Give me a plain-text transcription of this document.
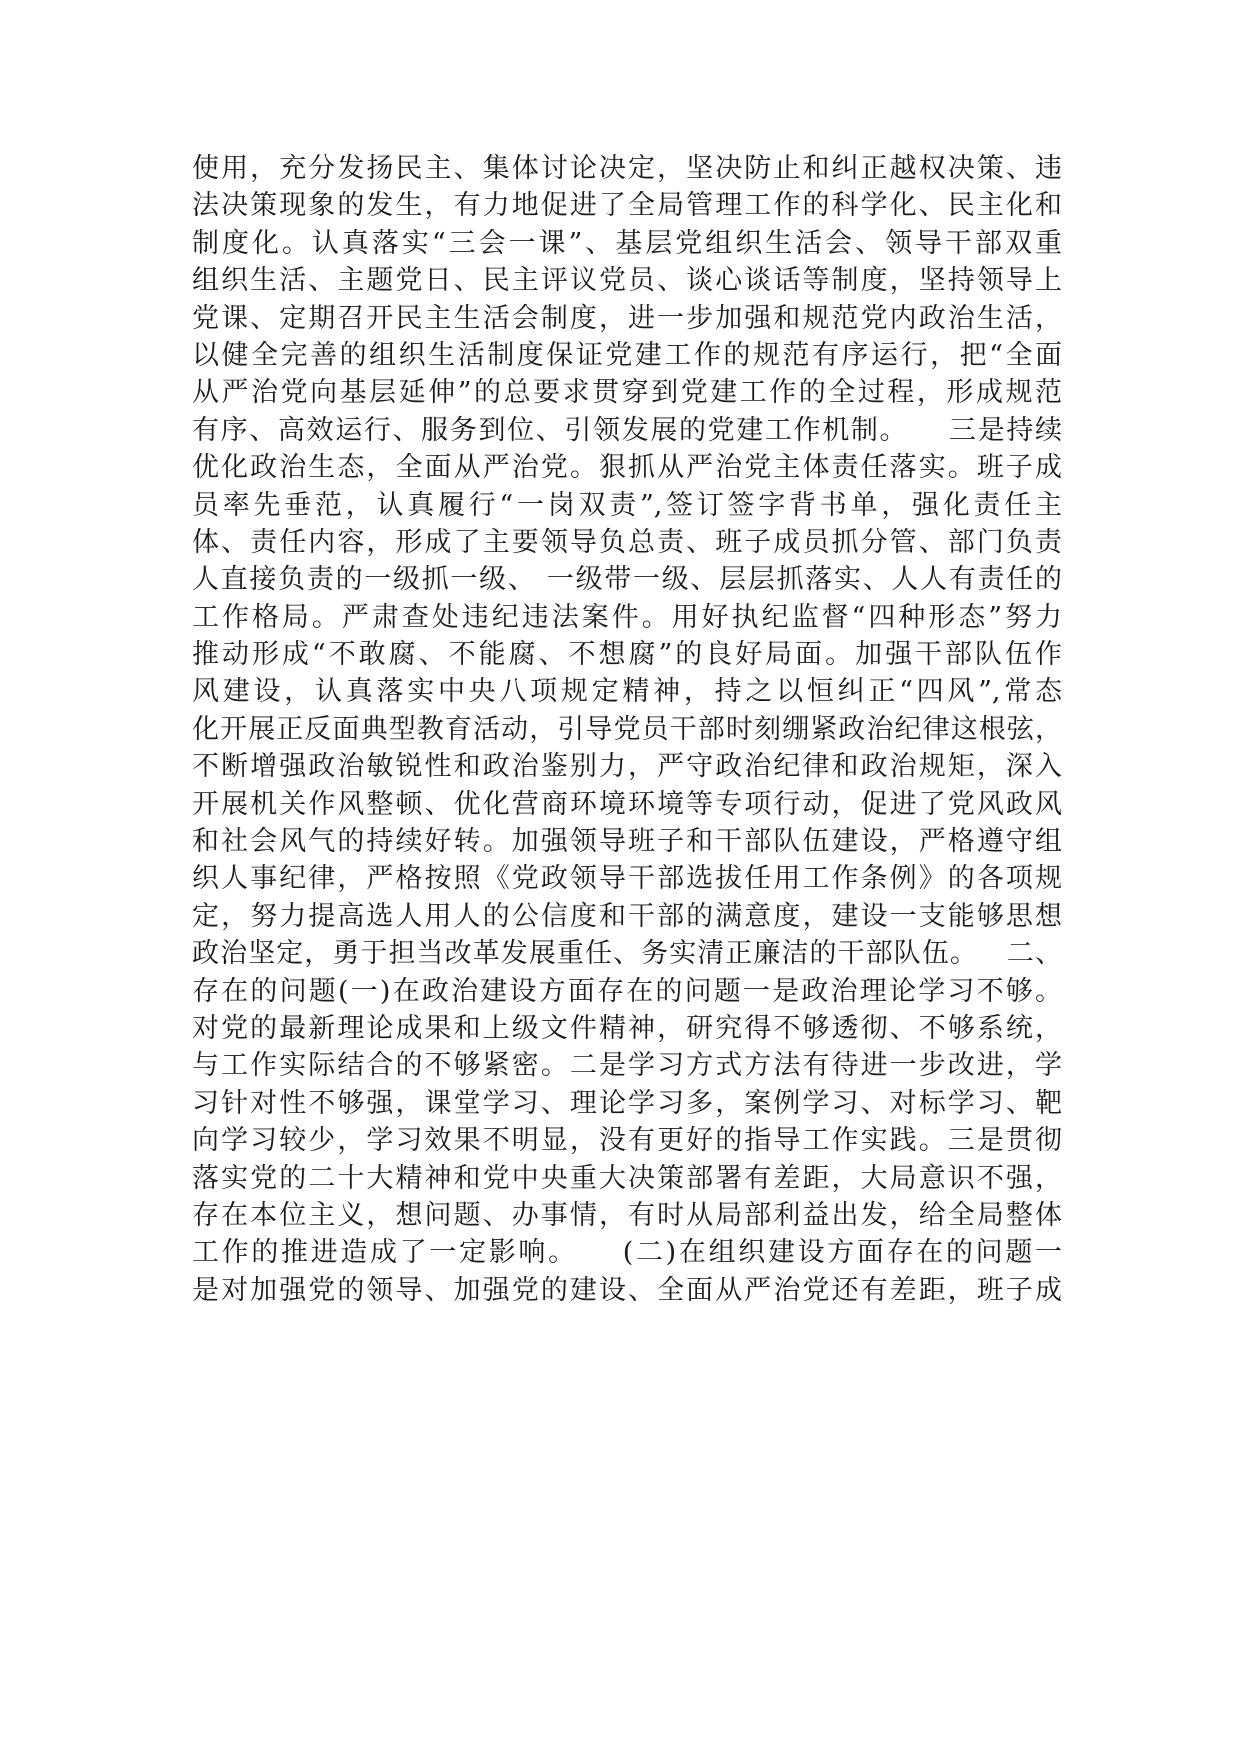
使用，充分发扬民主、集体讨论决定，坚决防止和纠正越权决策、违
法决策现象的发生，有力地促进了全局管理工作的科学化、民主化和
制度化。认真落实“三会一课”、基层党组织生活会、领导干部双重
组织生活、主题党日、民主评议党员、谈心谈话等制度，坚持领导上
党课、定期召开民主生活会制度，进一步加强和规范党内政治生活，
以健全完善的组织生活制度保证党建工作的规范有序运行，把“全面
从严治党向基层延伸”的总要求贯穿到党建工作的全过程，形成规范
有序、高效运行、服务到位、引领发展的党建工作机制。    三是持续
优化政治生态，全面从严治党。狠抓从严治党主体责任落实。班子成
员率先垂范，认真履行“一岗双责”,签订签字背书单，强化责任主
体、责任内容，形成了主要领导负总责、班子成员抓分管、部门负责
人直接负责的一级抓一级、 一级带一级、层层抓落实、人人有责任的
工作格局。严肃查处违纪违法案件。用好执纪监督“四种形态”努力
推动形成“不敢腐、不能腐、不想腐”的良好局面。加强干部队伍作
风建设，认真落实中央八项规定精神，持之以恒纠正“四风”,常态
化开展正反面典型教育活动，引导党员干部时刻绷紧政治纪律这根弦，
不断增强政治敏锐性和政治鉴别力，严守政治纪律和政治规矩，深入
开展机关作风整顿、优化营商环境环境等专项行动，促进了党风政风
和社会风气的持续好转。加强领导班子和干部队伍建设，严格遵守组
织人事纪律，严格按照《党政领导干部选拔任用工作条例》的各项规
定，努力提高选人用人的公信度和干部的满意度，建设一支能够思想
政治坚定，勇于担当改革发展重任、务实清正廉洁的干部队伍。   二、
存在的问题(一)在政治建设方面存在的问题一是政治理论学习不够。
对党的最新理论成果和上级文件精神，研究得不够透彻、不够系统，
与工作实际结合的不够紧密。二是学习方式方法有待进一步改进，学
习针对性不够强，课堂学习、理论学习多，案例学习、对标学习、靶
向学习较少，学习效果不明显，没有更好的指导工作实践。三是贯彻
落实党的二十大精神和党中央重大决策部署有差距，大局意识不强，
存在本位主义，想问题、办事情，有时从局部利益出发，给全局整体
工作的推进造成了一定影响。    (二)在组织建设方面存在的问题一
是对加强党的领导、加强党的建设、全面从严治党还有差距，班子成
